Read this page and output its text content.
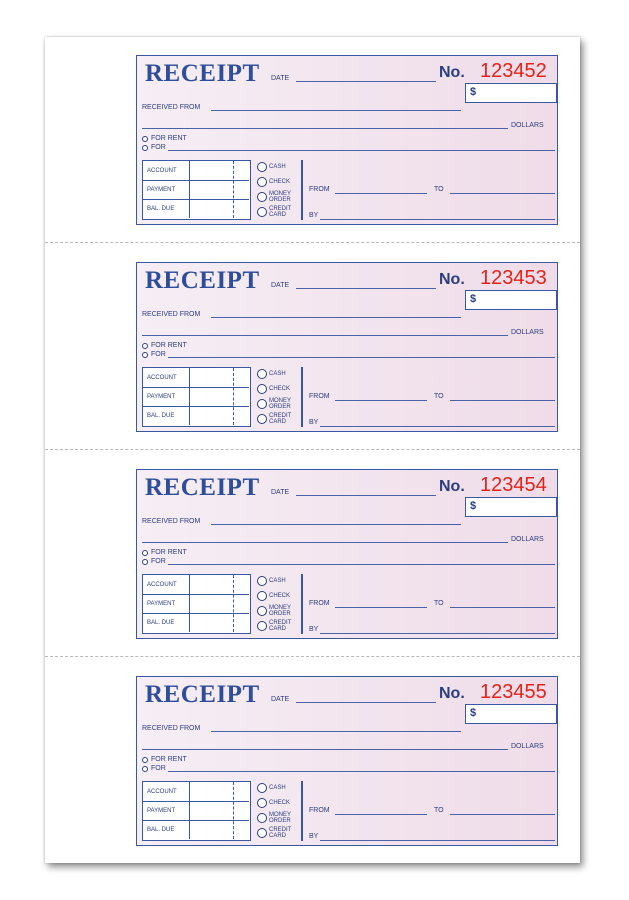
RECEIPT DATE	No. 123452
$
RECEIVED FROM
DOLLARS
FOR RENT
FOR
ACCOUNT
PAYMENT
BAL. DUE
CASH
CHECK
MONEY
ORDER
CREDIT
CARD
FROM	TO
BY
RECEIPT DATE	No. 123453
$
RECEIVED FROM
DOLLARS
FOR RENT
FOR
ACCOUNT
PAYMENT
BAL. DUE
CASH
CHECK
MONEY
ORDER
CREDIT
CARD
FROM	TO
BY
RECEIPT DATE	No. 123454
$
RECEIVED FROM
DOLLARS
FOR RENT
FOR
ACCOUNT
PAYMENT
BAL. DUE
CASH
CHECK
MONEY
ORDER
CREDIT
CARD
FROM	TO
BY
RECEIPT DATE	No. 123455
$
RECEIVED FROM
DOLLARS
FOR RENT
FOR
ACCOUNT
PAYMENT
BAL. DUE
CASH
CHECK
MONEY
ORDER
CREDIT
CARD
FROM	TO
BY
